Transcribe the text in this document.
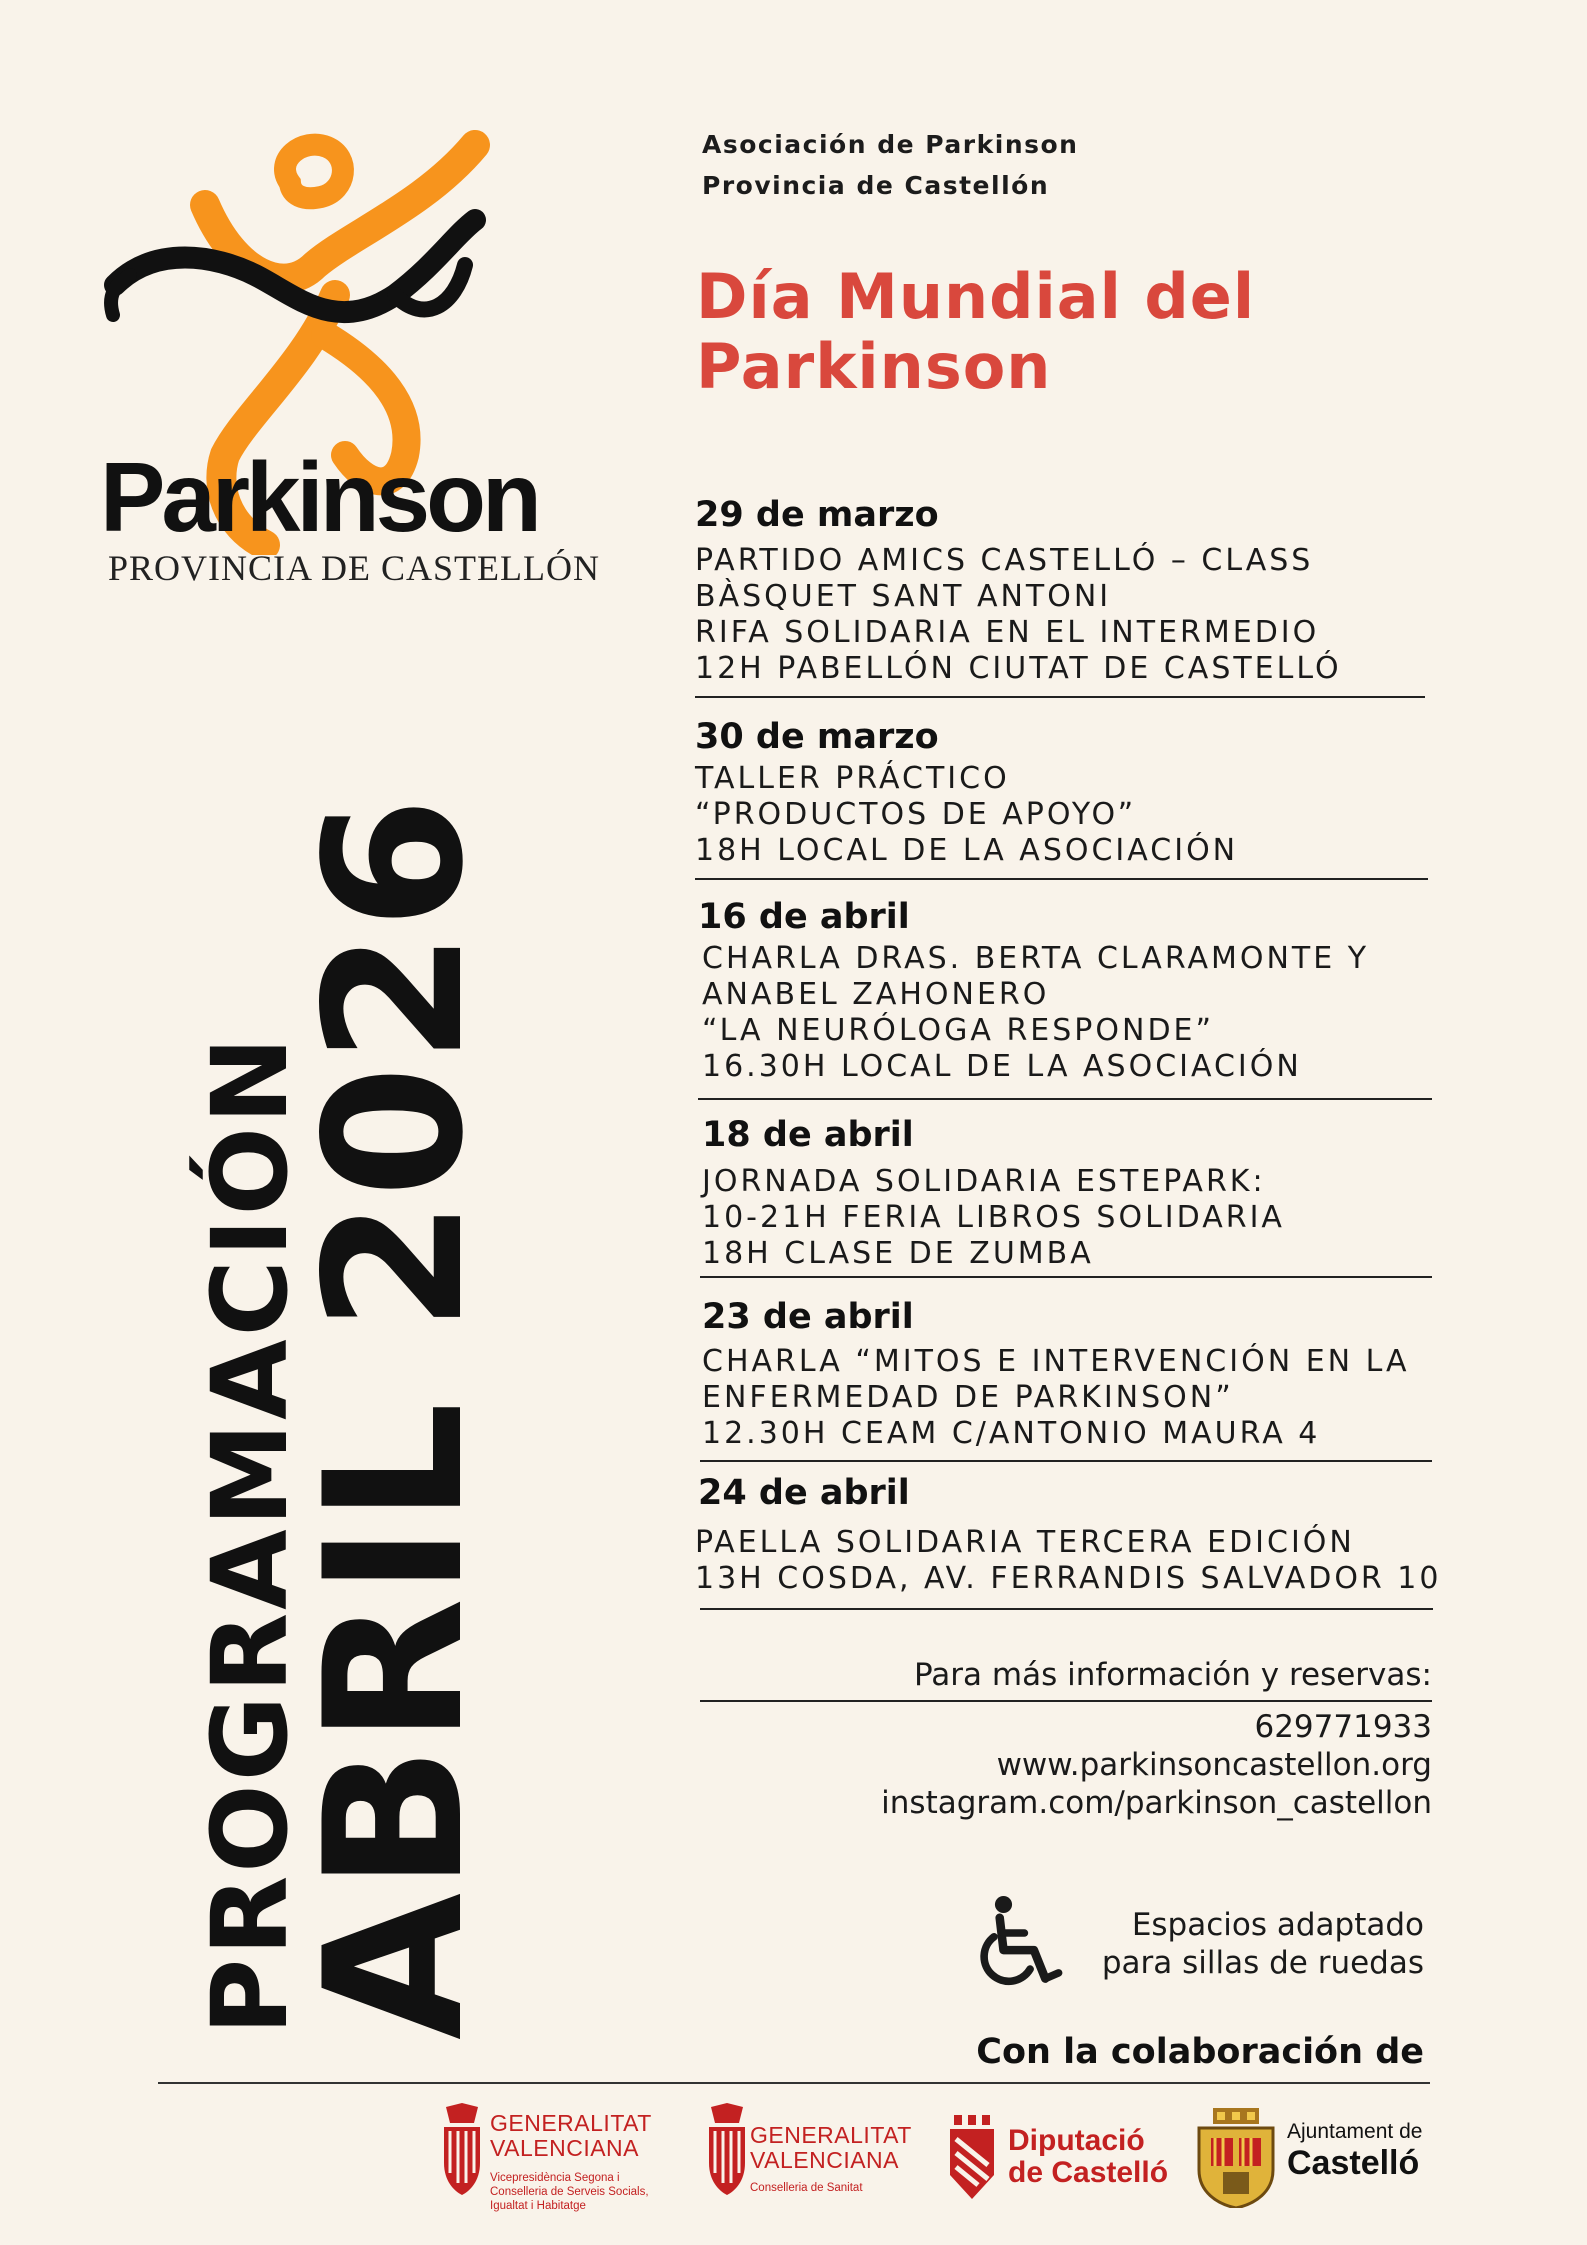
Parkinson
PROVINCIA DE CASTELLÓN
PROGRAMACIÓN
ABRIL 2026
Asociación de Parkinson
Provincia de Castellón
Día Mundial del
Parkinson
29 de marzo
PARTIDO AMICS CASTELLÓ – CLASS
BÀSQUET SANT ANTONI
RIFA SOLIDARIA EN EL INTERMEDIO
12H PABELLÓN CIUTAT DE CASTELLÓ
30 de marzo
TALLER PRÁCTICO
“PRODUCTOS DE APOYO”
18H LOCAL DE LA ASOCIACIÓN
16 de abril
CHARLA DRAS. BERTA CLARAMONTE Y
ANABEL ZAHONERO
“LA NEURÓLOGA RESPONDE”
16.30H LOCAL DE LA ASOCIACIÓN
18 de abril
JORNADA SOLIDARIA ESTEPARK:
10-21H FERIA LIBROS SOLIDARIA
18H CLASE DE ZUMBA
23 de abril
CHARLA “MITOS E INTERVENCIÓN EN LA
ENFERMEDAD DE PARKINSON”
12.30H CEAM C/ANTONIO MAURA 4
24 de abril
PAELLA SOLIDARIA TERCERA EDICIÓN
13H COSDA, AV. FERRANDIS SALVADOR 10
Para más información y reservas:
629771933
www.parkinsoncastellon.org
instagram.com/parkinson_castellon
Espacios adaptado
para sillas de ruedas
Con la colaboración de
GENERALITAT
VALENCIANA
Vicepresidència Segona i
Conselleria de Serveis Socials,
Igualtat i Habitatge
GENERALITAT
VALENCIANA
Conselleria de Sanitat
Diputació
de Castelló
Ajuntament de
Castelló
